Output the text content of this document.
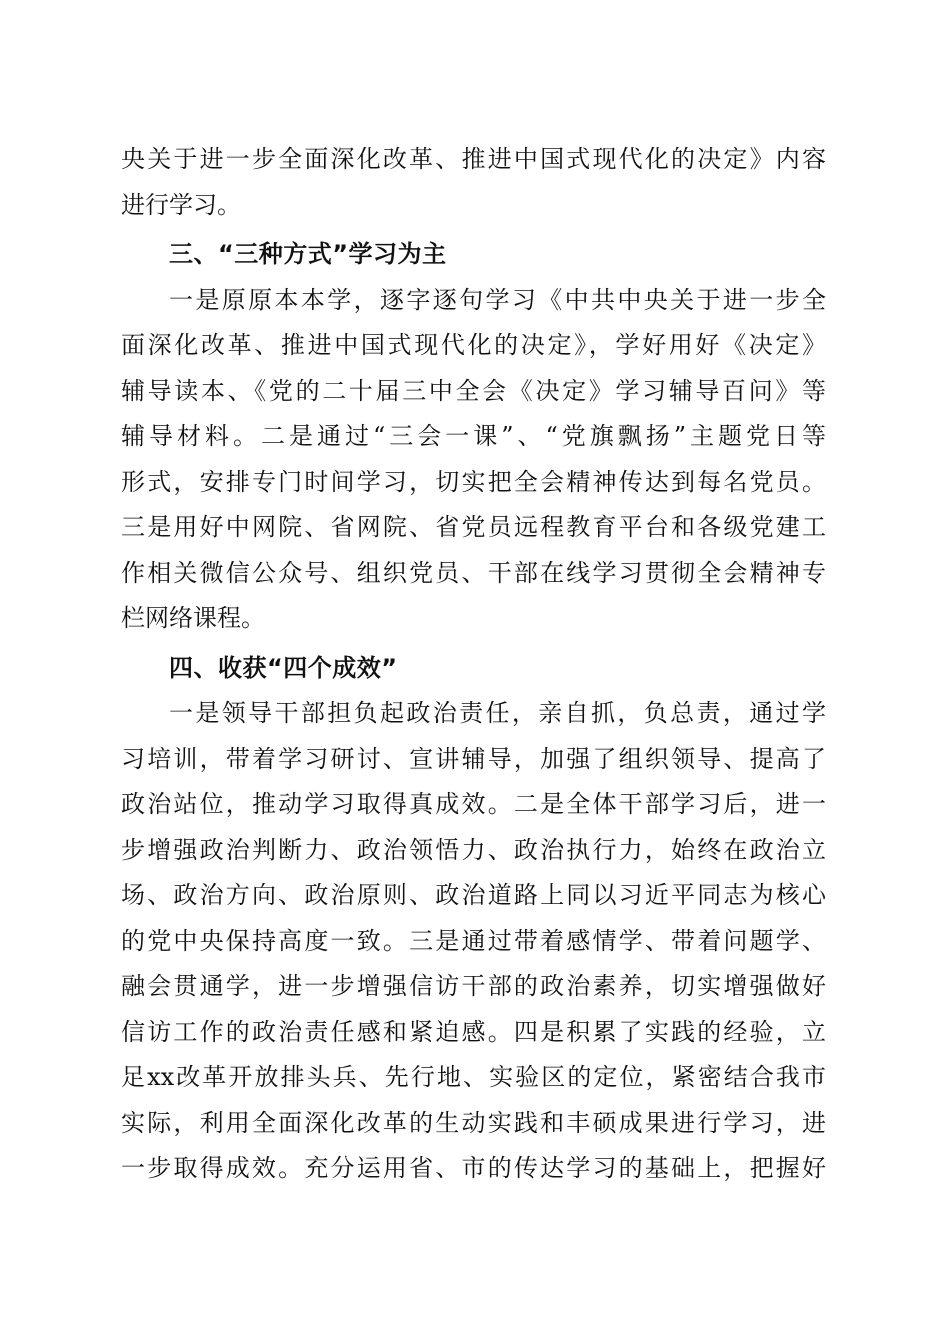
央关于进一步全面深化改革、推进中国式现代化的决定》内容
进行学习。
三、“三种方式”学习为主
一是原原本本学，逐字逐句学习《中共中央关于进一步全
面深化改革、推进中国式现代化的决定》，学好用好《决定》
辅导读本、《党的二十届三中全会《决定》学习辅导百问》等
辅导材料。二是通过“三会一课”、“党旗飘扬”主题党日等
形式，安排专门时间学习，切实把全会精神传达到每名党员。
三是用好中网院、省网院、省党员远程教育平台和各级党建工
作相关微信公众号、组织党员、干部在线学习贯彻全会精神专
栏网络课程。
四、收获“四个成效”
一是领导干部担负起政治责任，亲自抓，负总责，通过学
习培训，带着学习研讨、宣讲辅导，加强了组织领导、提高了
政治站位，推动学习取得真成效。二是全体干部学习后，进一
步增强政治判断力、政治领悟力、政治执行力，始终在政治立
场、政治方向、政治原则、政治道路上同以习近平同志为核心
的党中央保持高度一致。三是通过带着感情学、带着问题学、
融会贯通学，进一步增强信访干部的政治素养，切实增强做好
信访工作的政治责任感和紧迫感。四是积累了实践的经验，立
足xx改革开放排头兵、先行地、实验区的定位，紧密结合我市
实际，利用全面深化改革的生动实践和丰硕成果进行学习，进
一步取得成效。充分运用省、市的传达学习的基础上，把握好
